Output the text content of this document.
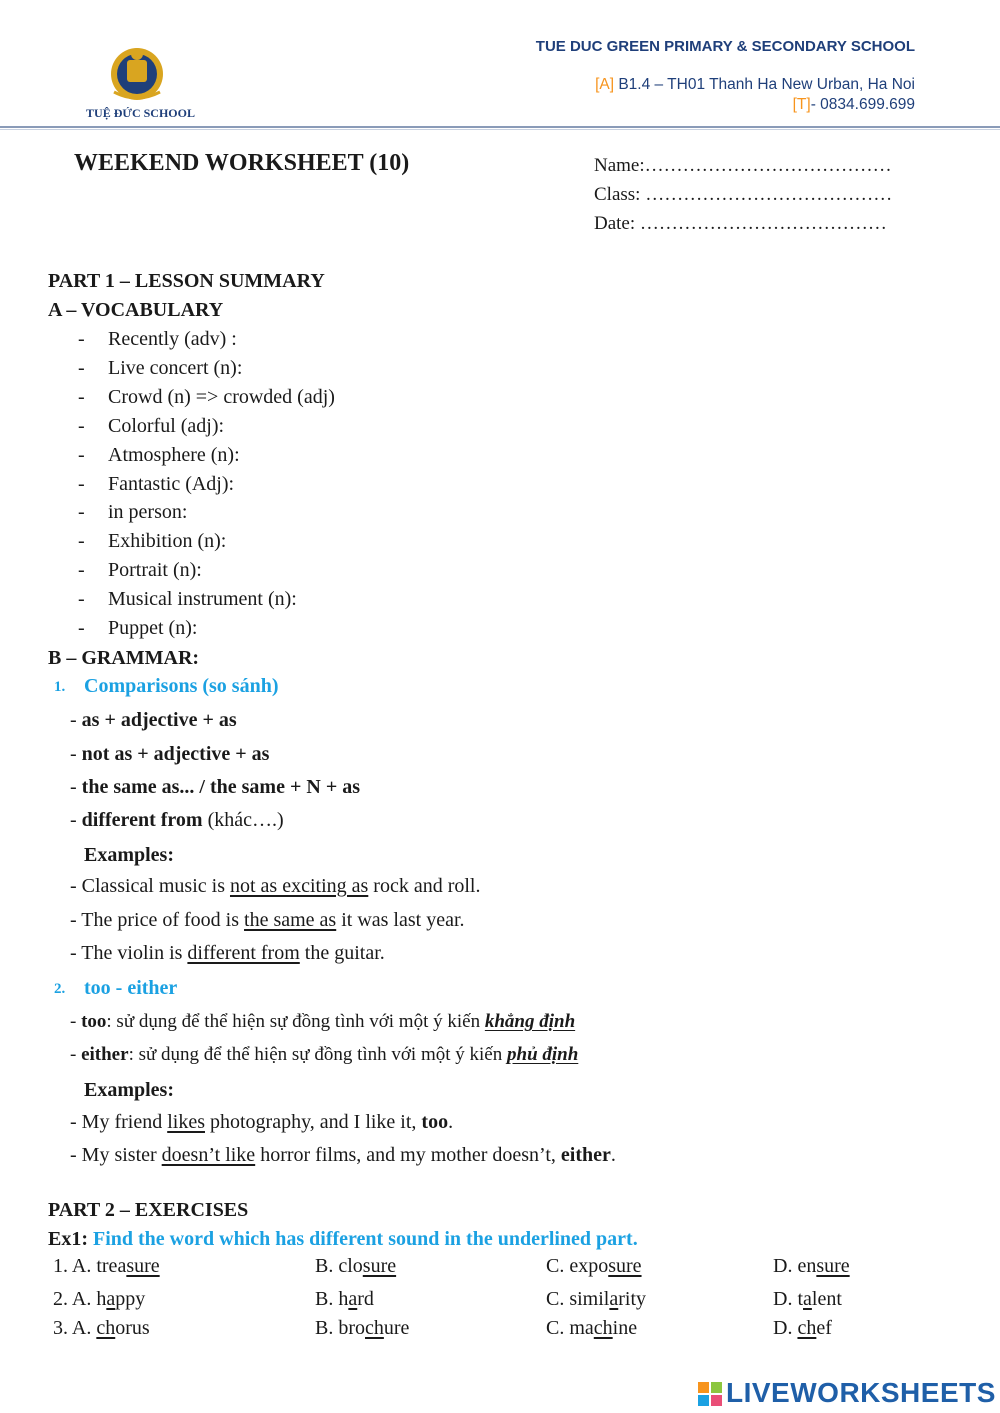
TUỆ ĐỨC SCHOOL
TUE DUC GREEN PRIMARY & SECONDARY SCHOOL
[A] B1.4 – TH01 Thanh Ha New Urban, Ha Noi
[T]- 0834.699.699
WEEKEND WORKSHEET (10)	Name:…………………………………
Class: …………………………………
Date: …………………………………
PART 1 – LESSON SUMMARY
A – VOCABULARY
- Recently (adv) :
- Live concert (n):
- Crowd (n) => crowded (adj)
- Colorful (adj):
- Atmosphere (n):
- Fantastic (Adj):
- in person:
- Exhibition (n):
- Portrait (n):
- Musical instrument (n):
- Puppet (n):
B – GRAMMAR:
1. Comparisons (so sánh)
- as + adjective + as
- not as + adjective + as
- the same as... / the same + N + as
- different from (khác….)
Examples:
- Classical music is not as exciting as rock and roll.
- The price of food is the same as it was last year.
- The violin is different from the guitar.
2. too - either
- too: sử dụng để thể hiện sự đồng tình với một ý kiến khẳng định
- either: sử dụng để thể hiện sự đồng tình với một ý kiến phủ định
Examples:
- My friend likes photography, and I like it, too.
- My sister doesn’t like horror films, and my mother doesn’t, either.
PART 2 – EXERCISES
Ex1: Find the word which has different sound in the underlined part.
1. A. treasure	B. closure	C. exposure	D. ensure
2. A. happy	B. hard	C. similarity	D. talent
3. A. chorus	B. brochure	C. machine	D. chef
LIVEWORKSHEETS
